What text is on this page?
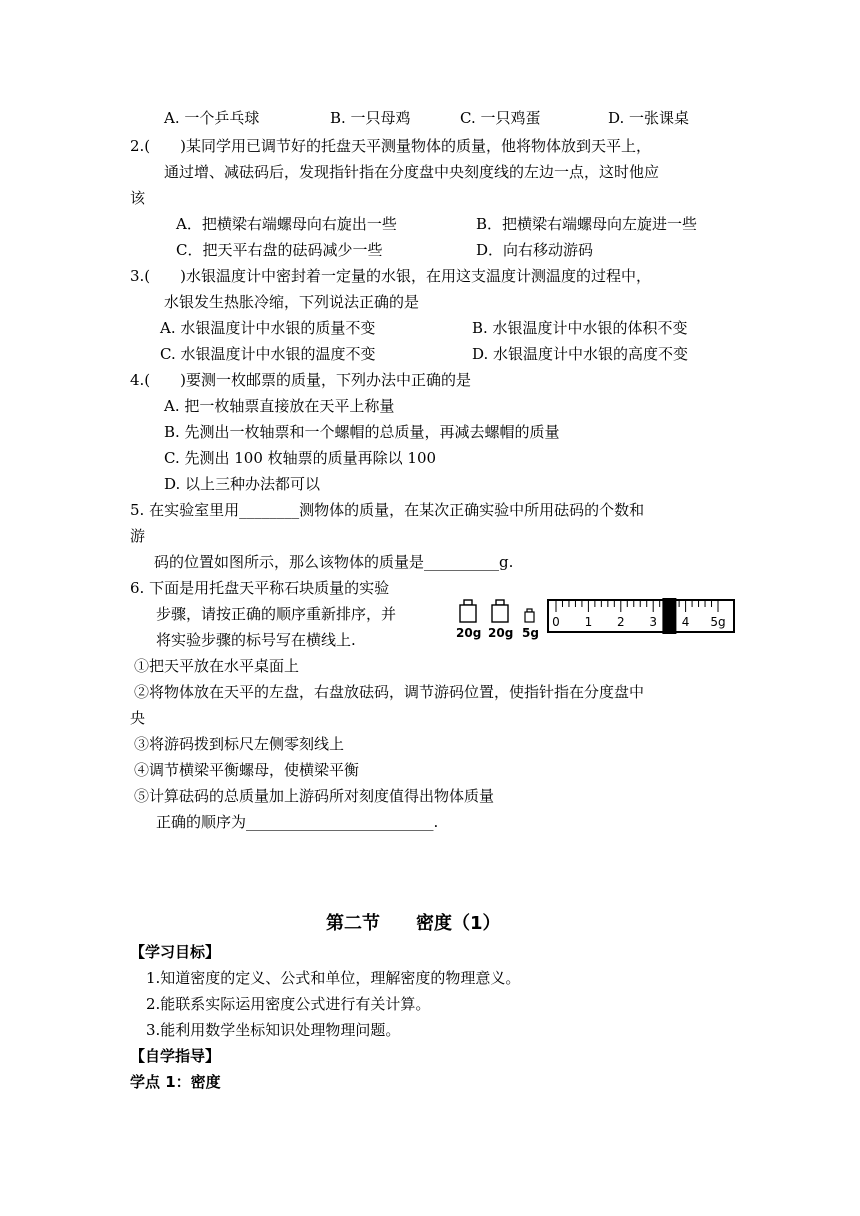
A. 一个乒乓球	B. 一只母鸡	C. 一只鸡蛋	D. 一张课桌
2.(　　)某同学用已调节好的托盘天平测量物体的质量，他将物体放到天平上，
通过增、减砝码后，发现指针指在分度盘中央刻度线的左边一点，这时他应
该
A．把横梁右端螺母向右旋出一些	B．把横梁右端螺母向左旋进一些
C．把天平右盘的砝码减少一些	D．向右移动游码
3.(　　)水银温度计中密封着一定量的水银，在用这支温度计测温度的过程中，
水银发生热胀冷缩，下列说法正确的是
A. 水银温度计中水银的质量不变	B. 水银温度计中水银的体积不变
C. 水银温度计中水银的温度不变	D. 水银温度计中水银的高度不变
4.(　　)要测一枚邮票的质量，下列办法中正确的是
A. 把一枚轴票直接放在天平上称量
B. 先测出一枚轴票和一个螺帽的总质量，再减去螺帽的质量
C. 先测出 100 枚轴票的质量再除以 100
D. 以上三种办法都可以
5. 在实验室里用________测物体的质量，在某次正确实验中所用砝码的个数和
游
码的位置如图所示，那么该物体的质量是__________g.
6. 下面是用托盘天平称石块质量的实验
步骤，请按正确的顺序重新排序，并
将实验步骤的标号写在横线上.	20g 20g 5g
0 1 2 3 4 5g
①把天平放在水平桌面上
②将物体放在天平的左盘，右盘放砝码，调节游码位置，使指针指在分度盘中
央
③将游码拨到标尺左侧零刻线上
④调节横梁平衡螺母，使横梁平衡
⑤计算砝码的总质量加上游码所对刻度值得出物体质量
正确的顺序为_________________________.
第二节　　密度（1）
【学习目标】
1.知道密度的定义、公式和单位，理解密度的物理意义。
2.能联系实际运用密度公式进行有关计算。
3.能利用数学坐标知识处理物理问题。
【自学指导】
学点 1：密度
